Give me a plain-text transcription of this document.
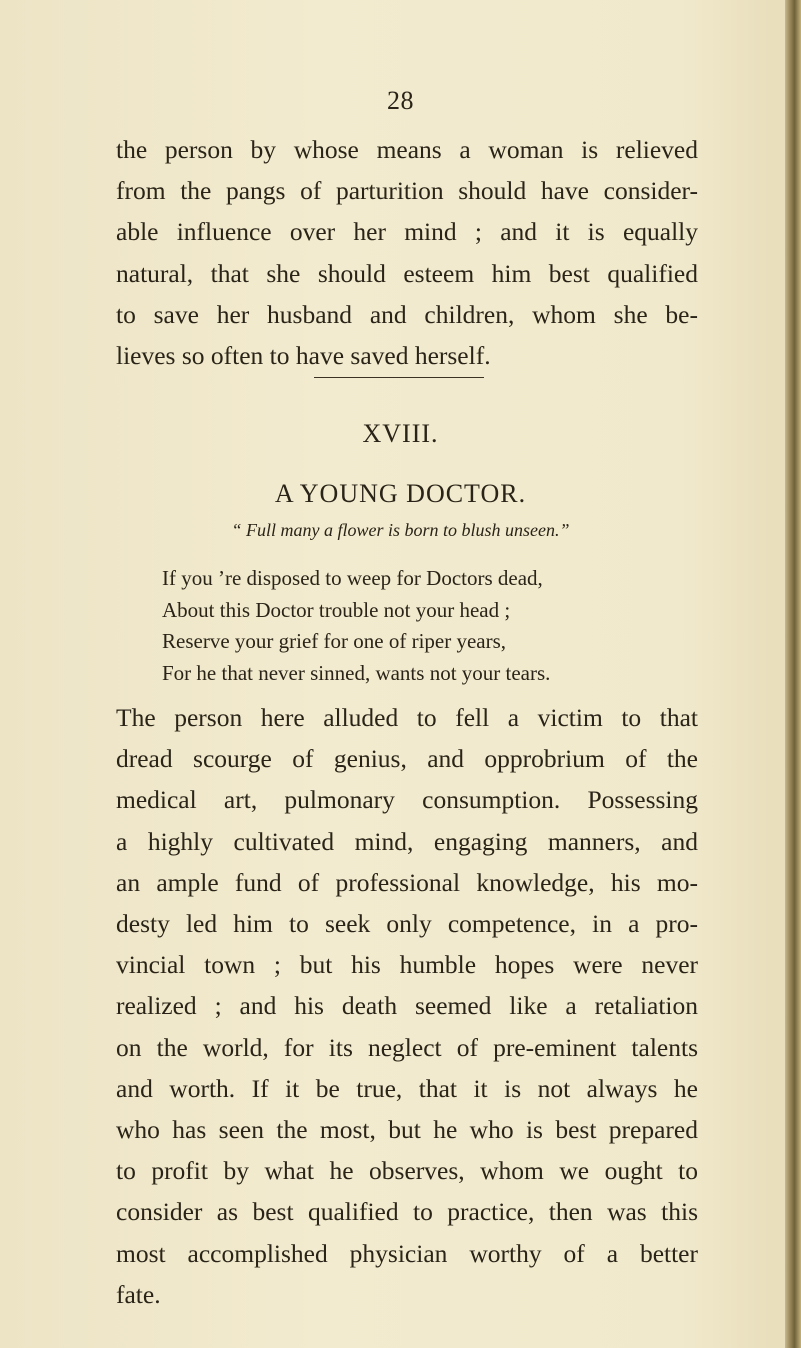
28
the person by whose means a woman is relieved
from the pangs of parturition should have consider-
able influence over her mind ; and it is equally
natural, that she should esteem him best qualified
to save her husband and children, whom she be-
lieves so often to have saved herself.
XVIII.
A YOUNG DOCTOR.
“ Full many a flower is born to blush unseen.”
If you ’re disposed to weep for Doctors dead,
About this Doctor trouble not your head ;
Reserve your grief for one of riper years,
For he that never sinned, wants not your tears.
The person here alluded to fell a victim to that
dread scourge of genius, and opprobrium of the
medical art, pulmonary consumption. Possessing
a highly cultivated mind, engaging manners, and
an ample fund of professional knowledge, his mo-
desty led him to seek only competence, in a pro-
vincial town ; but his humble hopes were never
realized ; and his death seemed like a retaliation
on the world, for its neglect of pre-eminent talents
and worth. If it be true, that it is not always he
who has seen the most, but he who is best prepared
to profit by what he observes, whom we ought to
consider as best qualified to practice, then was this
most accomplished physician worthy of a better
fate.
